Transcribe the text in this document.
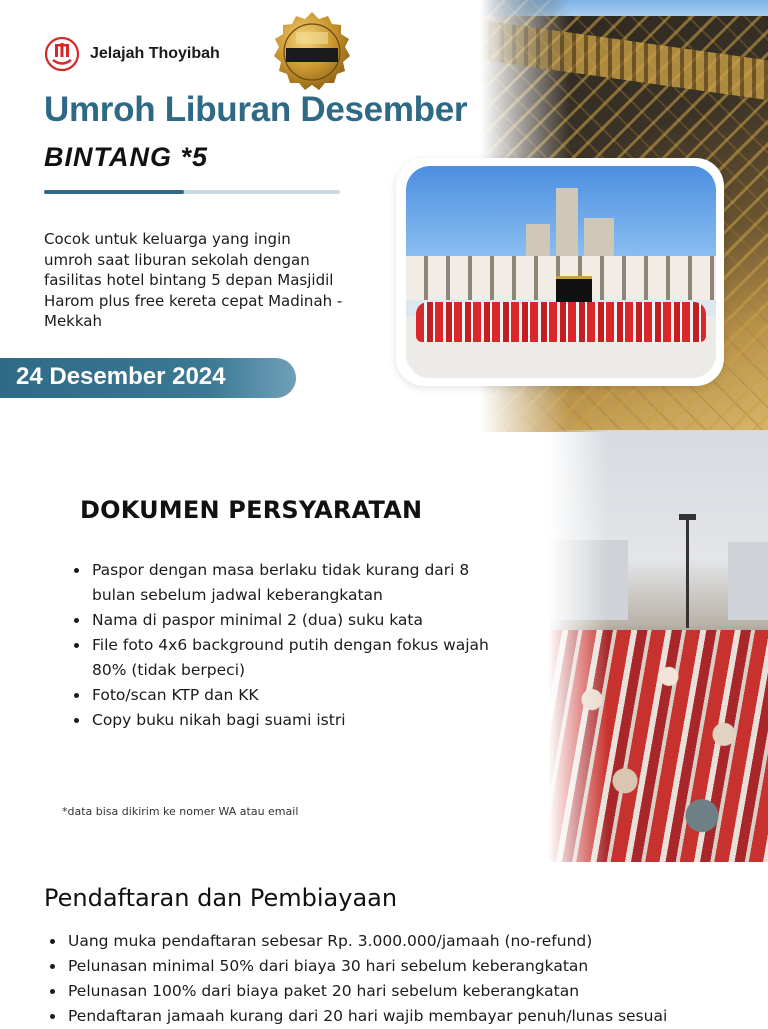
Jelajah Thoyibah
Umroh Liburan Desember
BINTANG *5

Cocok untuk keluarga yang ingin umroh saat liburan sekolah dengan fasilitas hotel bintang 5 depan Masjidil Harom plus free kereta cepat Madinah - Mekkah

24 Desember 2024
DOKUMEN PERSYARATAN
• Paspor dengan masa berlaku tidak kurang dari 8 bulan sebelum jadwal keberangkatan
• Nama di paspor minimal 2 (dua) suku kata
• File foto 4x6 background putih dengan fokus wajah 80% (tidak berpeci)
• Foto/scan KTP dan KK
• Copy buku nikah bagi suami istri
*data bisa dikirim ke nomer WA atau email
Pendaftaran dan Pembiayaan
• Uang muka pendaftaran sebesar Rp. 3.000.000/jamaah (no-refund)
• Pelunasan minimal 50% dari biaya 30 hari sebelum keberangkatan
• Pelunasan 100% dari biaya paket 20 hari sebelum keberangkatan
• Pendaftaran jamaah kurang dari 20 hari wajib membayar penuh/lunas sesuai
